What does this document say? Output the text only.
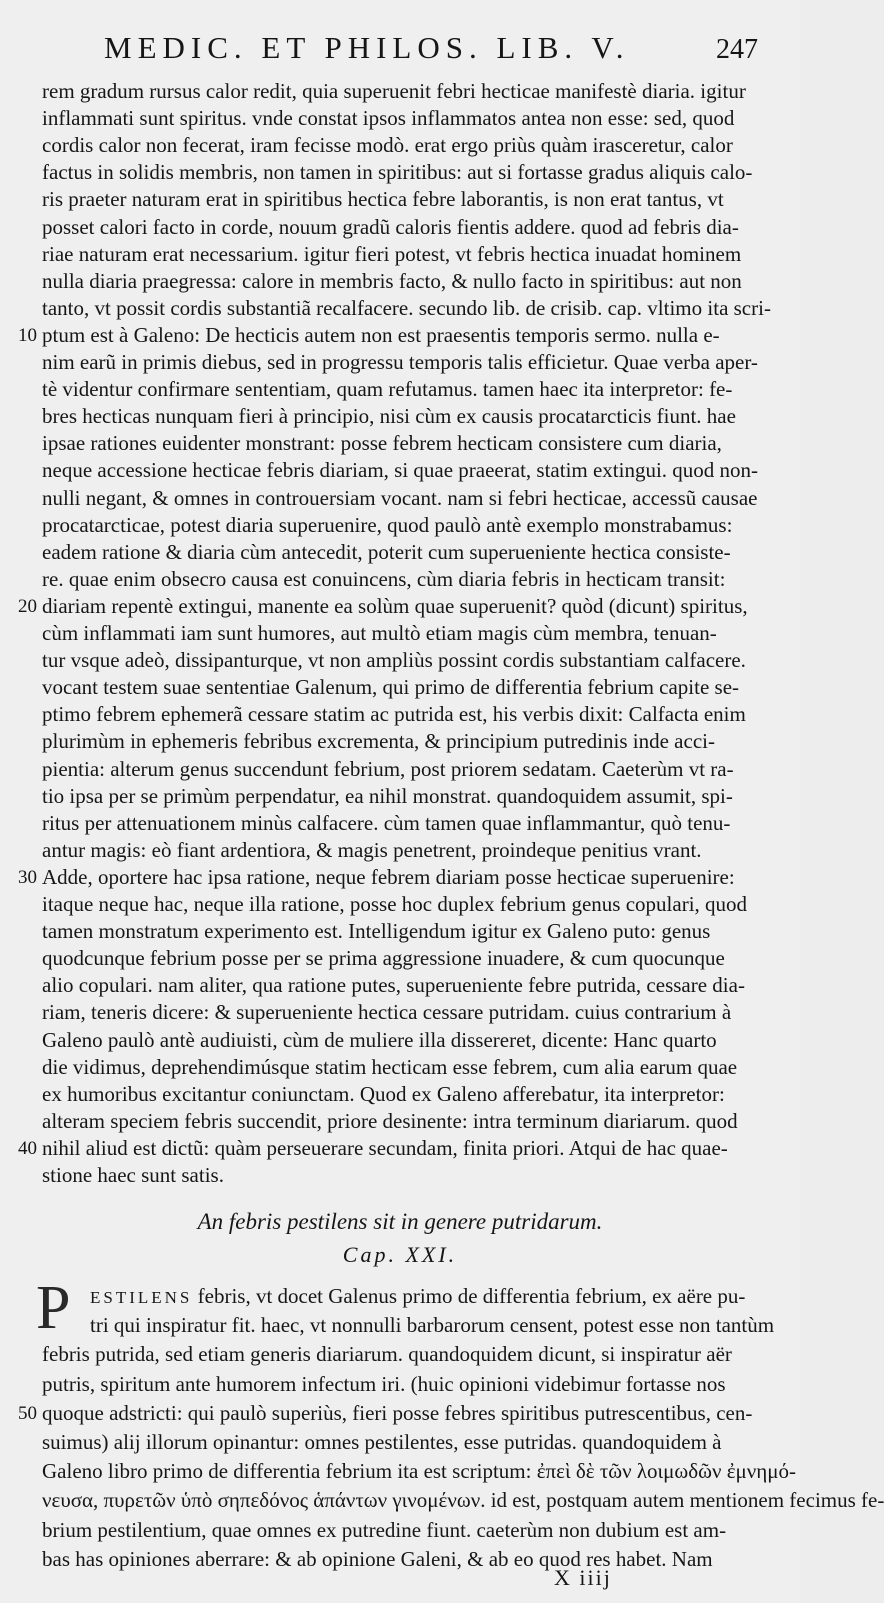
MEDIC. ET PHILOS. LIB. V.	247
rem gradum rursus calor redit, quia superuenit febri hecticae manifestè diaria. igitur
inflammati sunt spiritus. vnde constat ipsos inflammatos antea non esse: sed, quod
cordis calor non fecerat, iram fecisse modò. erat ergo priùs quàm irasceretur, calor
factus in solidis membris, non tamen in spiritibus: aut si fortasse gradus aliquis calo-
ris praeter naturam erat in spiritibus hectica febre laborantis, is non erat tantus, vt
posset calori facto in corde, nouum gradũ caloris fientis addere. quod ad febris dia-
riae naturam erat necessarium. igitur fieri potest, vt febris hectica inuadat hominem
nulla diaria praegressa: calore in membris facto, & nullo facto in spiritibus: aut non
tanto, vt possit cordis substantiã recalfacere. secundo lib. de crisib. cap. vltimo ita scri-
ptum est à Galeno: De hecticis autem non est praesentis temporis sermo. nulla e-
nim earũ in primis diebus, sed in progressu temporis talis efficietur. Quae verba aper-
tè videntur confirmare sententiam, quam refutamus. tamen haec ita interpretor: fe-
bres hecticas nunquam fieri à principio, nisi cùm ex causis procatarcticis fiunt. hae
ipsae rationes euidenter monstrant: posse febrem hecticam consistere cum diaria,
neque accessione hecticae febris diariam, si quae praeerat, statim extingui. quod non-
nulli negant, & omnes in controuersiam vocant. nam si febri hecticae, accessũ causae
procatarcticae, potest diaria superuenire, quod paulò antè exemplo monstrabamus:
eadem ratione & diaria cùm antecedit, poterit cum superueniente hectica consiste-
re. quae enim obsecro causa est conuincens, cùm diaria febris in hecticam transit:
diariam repentè extingui, manente ea solùm quae superuenit? quòd (dicunt) spiritus,
cùm inflammati iam sunt humores, aut multò etiam magis cùm membra, tenuan-
tur vsque adeò, dissipanturque, vt non ampliùs possint cordis substantiam calfacere.
vocant testem suae sententiae Galenum, qui primo de differentia febrium capite se-
ptimo febrem ephemerã cessare statim ac putrida est, his verbis dixit: Calfacta enim
plurimùm in ephemeris febribus excrementa, & principium putredinis inde acci-
pientia: alterum genus succendunt febrium, post priorem sedatam. Caeterùm vt ra-
tio ipsa per se primùm perpendatur, ea nihil monstrat. quandoquidem assumit, spi-
ritus per attenuationem minùs calfacere. cùm tamen quae inflammantur, quò tenu-
antur magis: eò fiant ardentiora, & magis penetrent, proindeque penitius vrant.
Adde, oportere hac ipsa ratione, neque febrem diariam posse hecticae superuenire:
itaque neque hac, neque illa ratione, posse hoc duplex febrium genus copulari, quod
tamen monstratum experimento est. Intelligendum igitur ex Galeno puto: genus
quodcunque febrium posse per se prima aggressione inuadere, & cum quocunque
alio copulari. nam aliter, qua ratione putes, superueniente febre putrida, cessare dia-
riam, teneris dicere: & superueniente hectica cessare putridam. cuius contrarium à
Galeno paulò antè audiuisti, cùm de muliere illa dissereret, dicente: Hanc quarto
die vidimus, deprehendimúsque statim hecticam esse febrem, cum alia earum quae
ex humoribus excitantur coniunctam. Quod ex Galeno afferebatur, ita interpretor:
alteram speciem febris succendit, priore desinente: intra terminum diariarum. quod
nihil aliud est dictũ: quàm perseuerare secundam, finita priori. Atqui de hac quae-
stione haec sunt satis.
An febris pestilens sit in genere putridarum.
Cap. XXI.
P ESTILENS febris, vt docet Galenus primo de differentia febrium, ex aëre pu-
tri qui inspiratur fit. haec, vt nonnulli barbarorum censent, potest esse non tantùm
febris putrida, sed etiam generis diariarum. quandoquidem dicunt, si inspiratur aër
putris, spiritum ante humorem infectum iri. (huic opinioni videbimur fortasse nos
quoque adstricti: qui paulò superiùs, fieri posse febres spiritibus putrescentibus, cen-
suimus) alij illorum opinantur: omnes pestilentes, esse putridas. quandoquidem à
Galeno libro primo de differentia febrium ita est scriptum: ἐπεὶ δὲ τῶν λοιμωδῶν ἐμνημό-
νευσα, πυρετῶν ὑπὸ σηπεδόνος ἁπάντων γινομένων. id est, postquam autem mentionem fecimus fe-
brium pestilentium, quae omnes ex putredine fiunt. caeterùm non dubium est am-
bas has opiniones aberrare: & ab opinione Galeni, & ab eo quod res habet. Nam
X iiij
10
20
30
40
50
